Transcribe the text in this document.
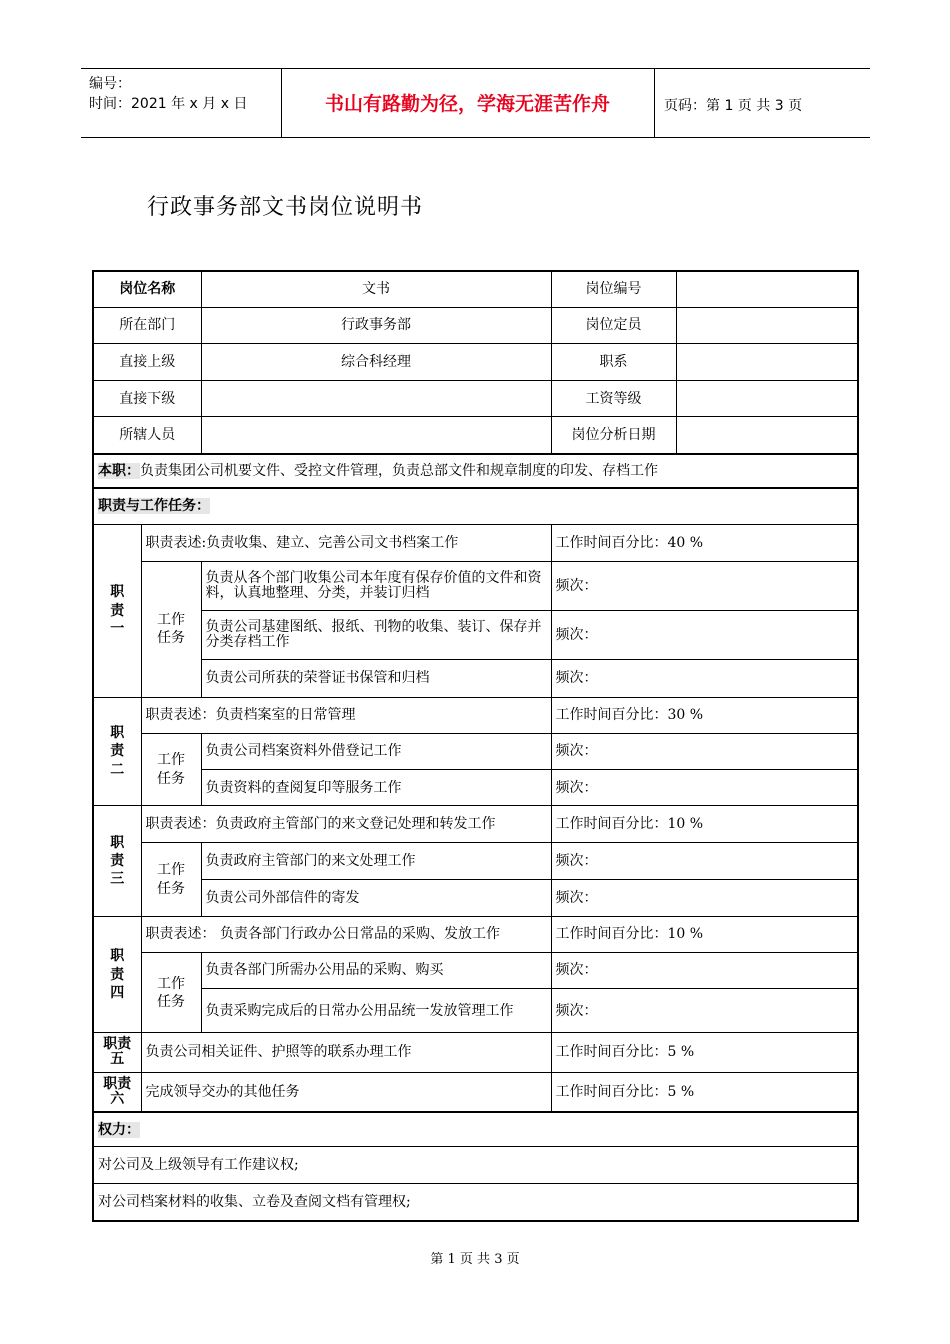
编号：
时间：2021 年 x 月 x 日	书山有路勤为径，学海无涯苦作舟	页码：第 1 页 共 3 页
行政事务部文书岗位说明书
岗位名称		文书	岗位编号	
所在部门		行政事务部	岗位定员	
直接上级		综合科经理	职系	
直接下级			工资等级	
所辖人员			岗位分析日期	
本职：负责集团公司机要文件、受控文件管理，负责总部文件和规章制度的印发、存档工作				
职责与工作任务：				

职责一	职责表述:负责收集、建立、完善公司文书档案工作		工作时间百分比：40 %	

	工作任务	负责从各个部门收集公司本年度有保存价值的文件和资料，认真地整理、分类，并装订归档	频次：	
		负责公司基建图纸、报纸、刊物的收集、装订、保存并分类存档工作	频次：	
		负责公司所获的荣誉证书保管和归档	频次：	

职责二	职责表述：负责档案室的日常管理		工作时间百分比：30 %	

	工作任务	负责公司档案资料外借登记工作	频次：	
		负责资料的查阅复印等服务工作	频次：	

职责三	职责表述：负责政府主管部门的来文登记处理和转发工作		工作时间百分比：10 %	

	工作任务	负责政府主管部门的来文处理工作	频次：	
		负责公司外部信件的寄发	频次：	

职责四	职责表述： 负责各部门行政办公日常品的采购、发放工作		工作时间百分比：10 %	

	工作任务	负责各部门所需办公用品的采购、购买	频次：	
		负责采购完成后的日常办公用品统一发放管理工作	频次：	

职责五	负责公司相关证件、护照等的联系办理工作		工作时间百分比：5 %	

职责六	完成领导交办的其他任务		工作时间百分比：5 %	
权力：				
对公司及上级领导有工作建议权;				
对公司档案材料的收集、立卷及查阅文档有管理权;				
第 1 页 共 3 页
